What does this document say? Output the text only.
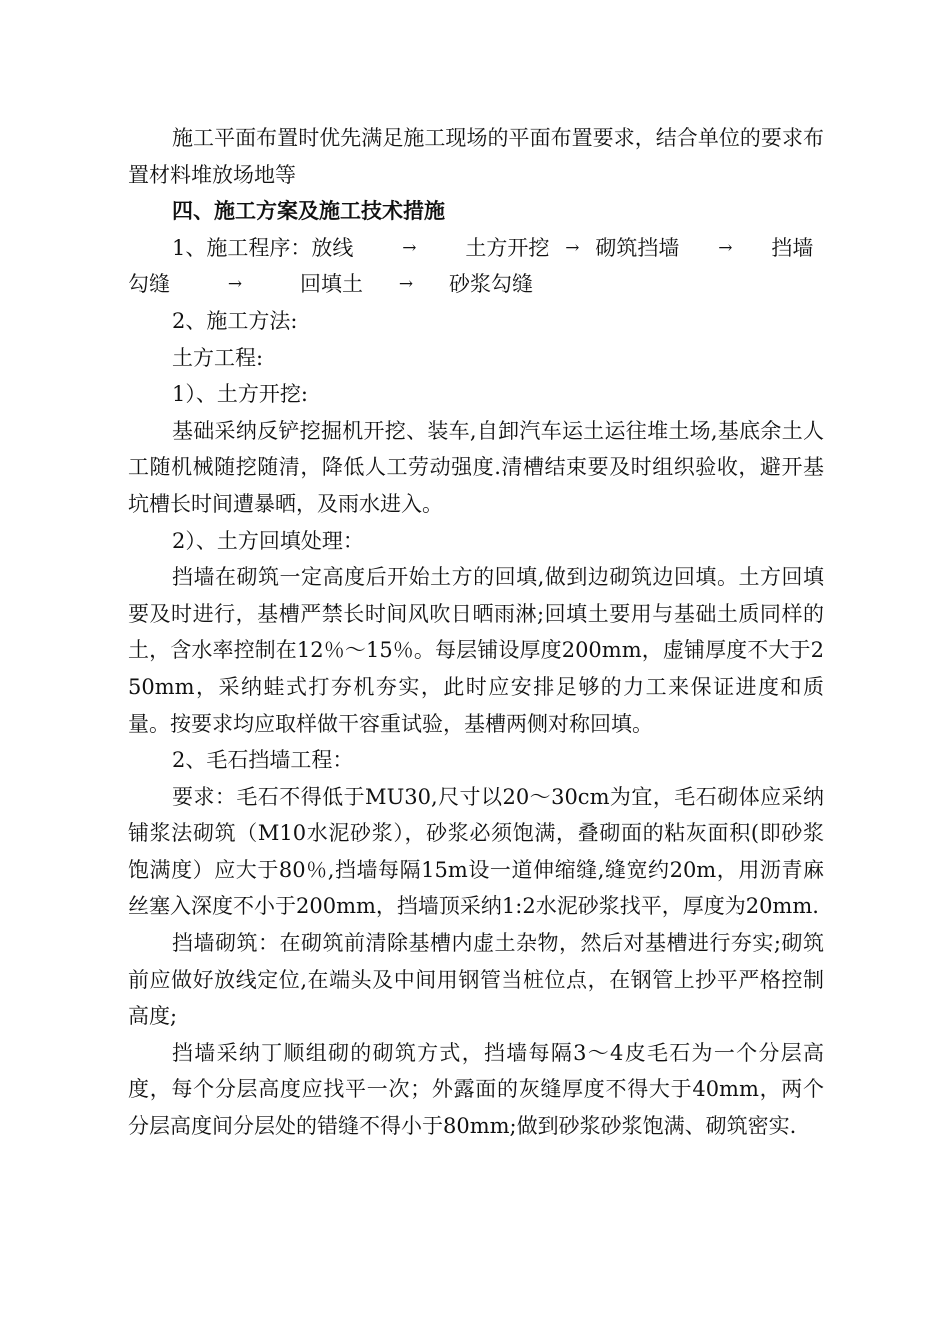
施工平面布置时优先满足施工现场的平面布置要求，结合单位的要求布置材料堆放场地等

四、施工方案及施工技术措施

1、施工程序： 放线	→	土方开挖 → 砌筑挡墙	→	挡墙
勾缝	→	回填土	→	砂浆勾缝

2、施工方法:

土方工程:

1）、土方开挖:

基础采纳反铲挖掘机开挖、装车,自卸汽车运土运往堆土场,基底余土人工随机械随挖随清，降低人工劳动强度.清槽结束要及时组织验收，避开基坑槽长时间遭暴晒，及雨水进入。

2）、土方回填处理：

挡墙在砌筑一定高度后开始土方的回填,做到边砌筑边回填。土方回填要及时进行，基槽严禁长时间风吹日晒雨淋;回填土要用与基础土质同样的土，含水率控制在12％～15％。每层铺设厚度200mm，虚铺厚度不大于250mm，采纳蛙式打夯机夯实，此时应安排足够的力工来保证进度和质量。按要求均应取样做干容重试验，基槽两侧对称回填。

2、毛石挡墙工程：

要求：毛石不得低于MU30,尺寸以20～30cm为宜，毛石砌体应采纳铺浆法砌筑（M10水泥砂浆），砂浆必须饱满，叠砌面的粘灰面积(即砂浆饱满度）应大于80％,挡墙每隔15m设一道伸缩缝,缝宽约20m，用沥青麻丝塞入深度不小于200mm，挡墙顶采纳1:2水泥砂浆找平，厚度为20mm.

挡墙砌筑：在砌筑前清除基槽内虚土杂物，然后对基槽进行夯实;砌筑前应做好放线定位,在端头及中间用钢管当桩位点，在钢管上抄平严格控制高度;

挡墙采纳丁顺组砌的砌筑方式，挡墙每隔3～4皮毛石为一个分层高度，每个分层高度应找平一次；外露面的灰缝厚度不得大于40mm，两个分层高度间分层处的错缝不得小于80mm;做到砂浆砂浆饱满、砌筑密实.
